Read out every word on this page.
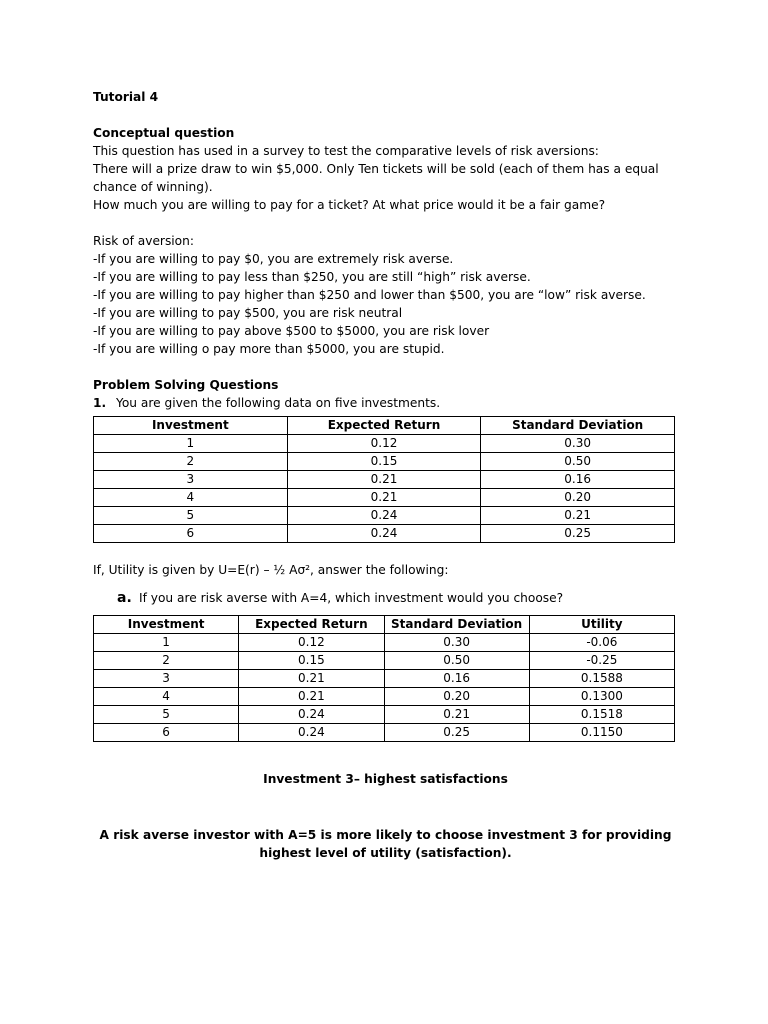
Tutorial 4
Conceptual question
This question has used in a survey to test the comparative levels of risk aversions:
There will a prize draw to win $5,000. Only Ten tickets will be sold (each of them has a equal
chance of winning).
How much you are willing to pay for a ticket? At what price would it be a fair game?
Risk of aversion:
-If you are willing to pay $0, you are extremely risk averse.
-If you are willing to pay less than $250, you are still “high” risk averse.
-If you are willing to pay higher than $250 and lower than $500, you are “low” risk averse.
-If you are willing to pay $500, you are risk neutral
-If you are willing to pay above $500 to $5000, you are risk lover
-If you are willing o pay more than $5000, you are stupid.
Problem Solving Questions
1. You are given the following data on five investments.
Investment	Expected Return	Standard Deviation
1	0.12	0.30
2	0.15	0.50
3	0.21	0.16
4	0.21	0.20
5	0.24	0.21
6	0.24	0.25
If, Utility is given by U=E(r) – ½ Aσ², answer the following:
a. If you are risk averse with A=4, which investment would you choose?
Investment	Expected Return	Standard Deviation	Utility
1	0.12	0.30	-0.06
2	0.15	0.50	-0.25
3	0.21	0.16	0.1588
4	0.21	0.20	0.1300
5	0.24	0.21	0.1518
6	0.24	0.25	0.1150
Investment 3– highest satisfactions
A risk averse investor with A=5 is more likely to choose investment 3 for providing highest level of utility (satisfaction).
